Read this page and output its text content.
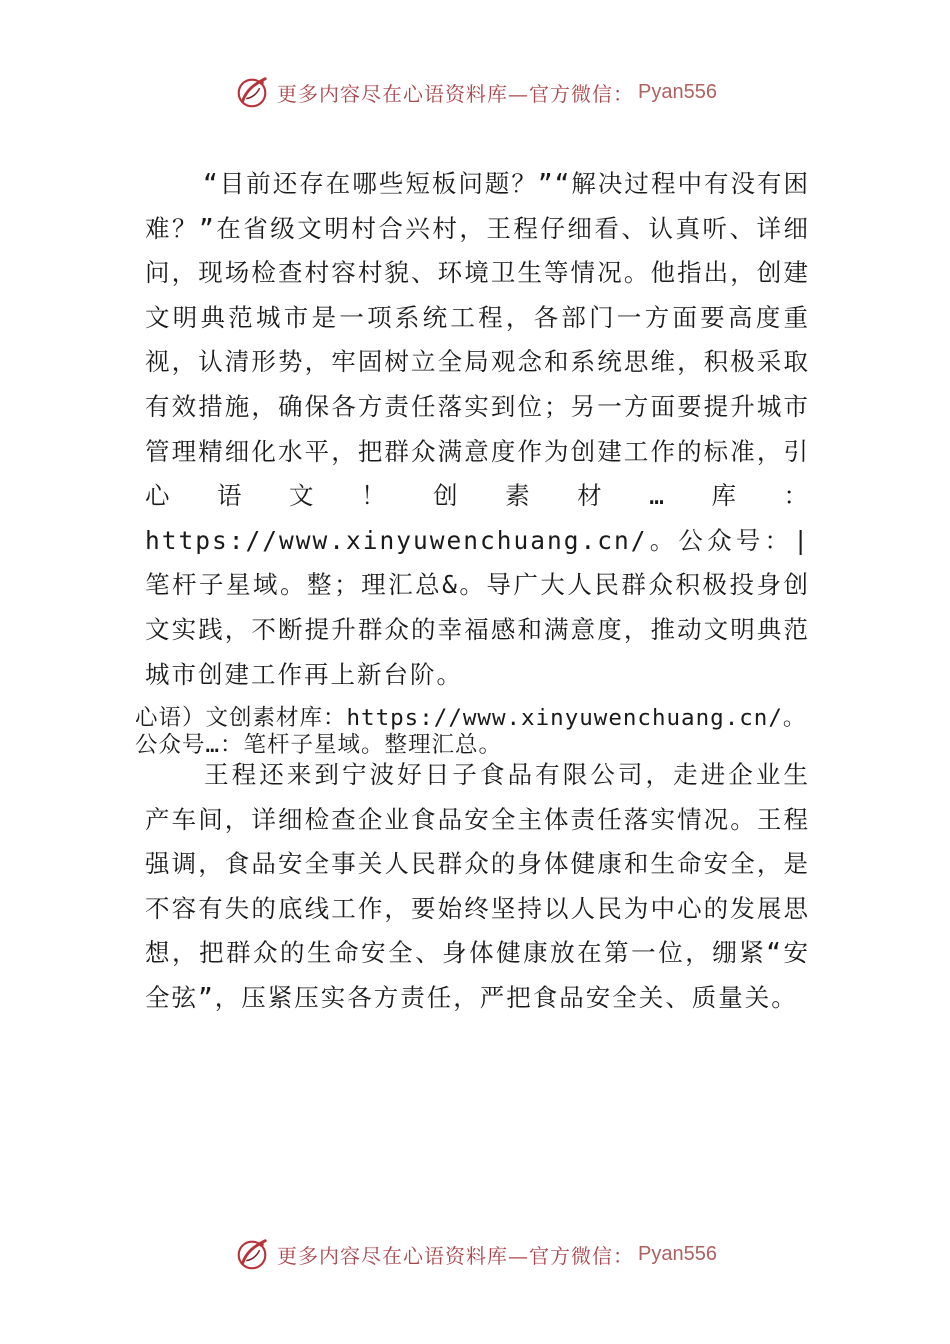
更多内容尽在心语资料库—官方微信： Pyan556

“目前还存在哪些短板问题？”“解决过程中有没有困难？”在省级文明村合兴村，王程仔细看、认真听、详细问，现场检查村容村貌、环境卫生等情况。他指出，创建文明典范城市是一项系统工程，各部门一方面要高度重视，认清形势，牢固树立全局观念和系统思维，积极采取有效措施，确保各方责任落实到位；另一方面要提升城市管理精细化水平，把群众满意度作为创建工作的标准，引心语文！创素材…库：https://www.xinyuwenchuang.cn/。公众号：|笔杆子星域。整；理汇总&。导广大人民群众积极投身创文实践，不断提升群众的幸福感和满意度，推动文明典范城市创建工作再上新台阶。

心语）文创素材库：https://www.xinyuwenchuang.cn/。

公众号…：笔杆子星域。整理汇总。

王程还来到宁波好日子食品有限公司，走进企业生产车间，详细检查企业食品安全主体责任落实情况。王程强调，食品安全事关人民群众的身体健康和生命安全，是不容有失的底线工作，要始终坚持以人民为中心的发展思想，把群众的生命安全、身体健康放在第一位，绷紧“安全弦”，压紧压实各方责任，严把食品安全关、质量关。

更多内容尽在心语资料库—官方微信： Pyan556
